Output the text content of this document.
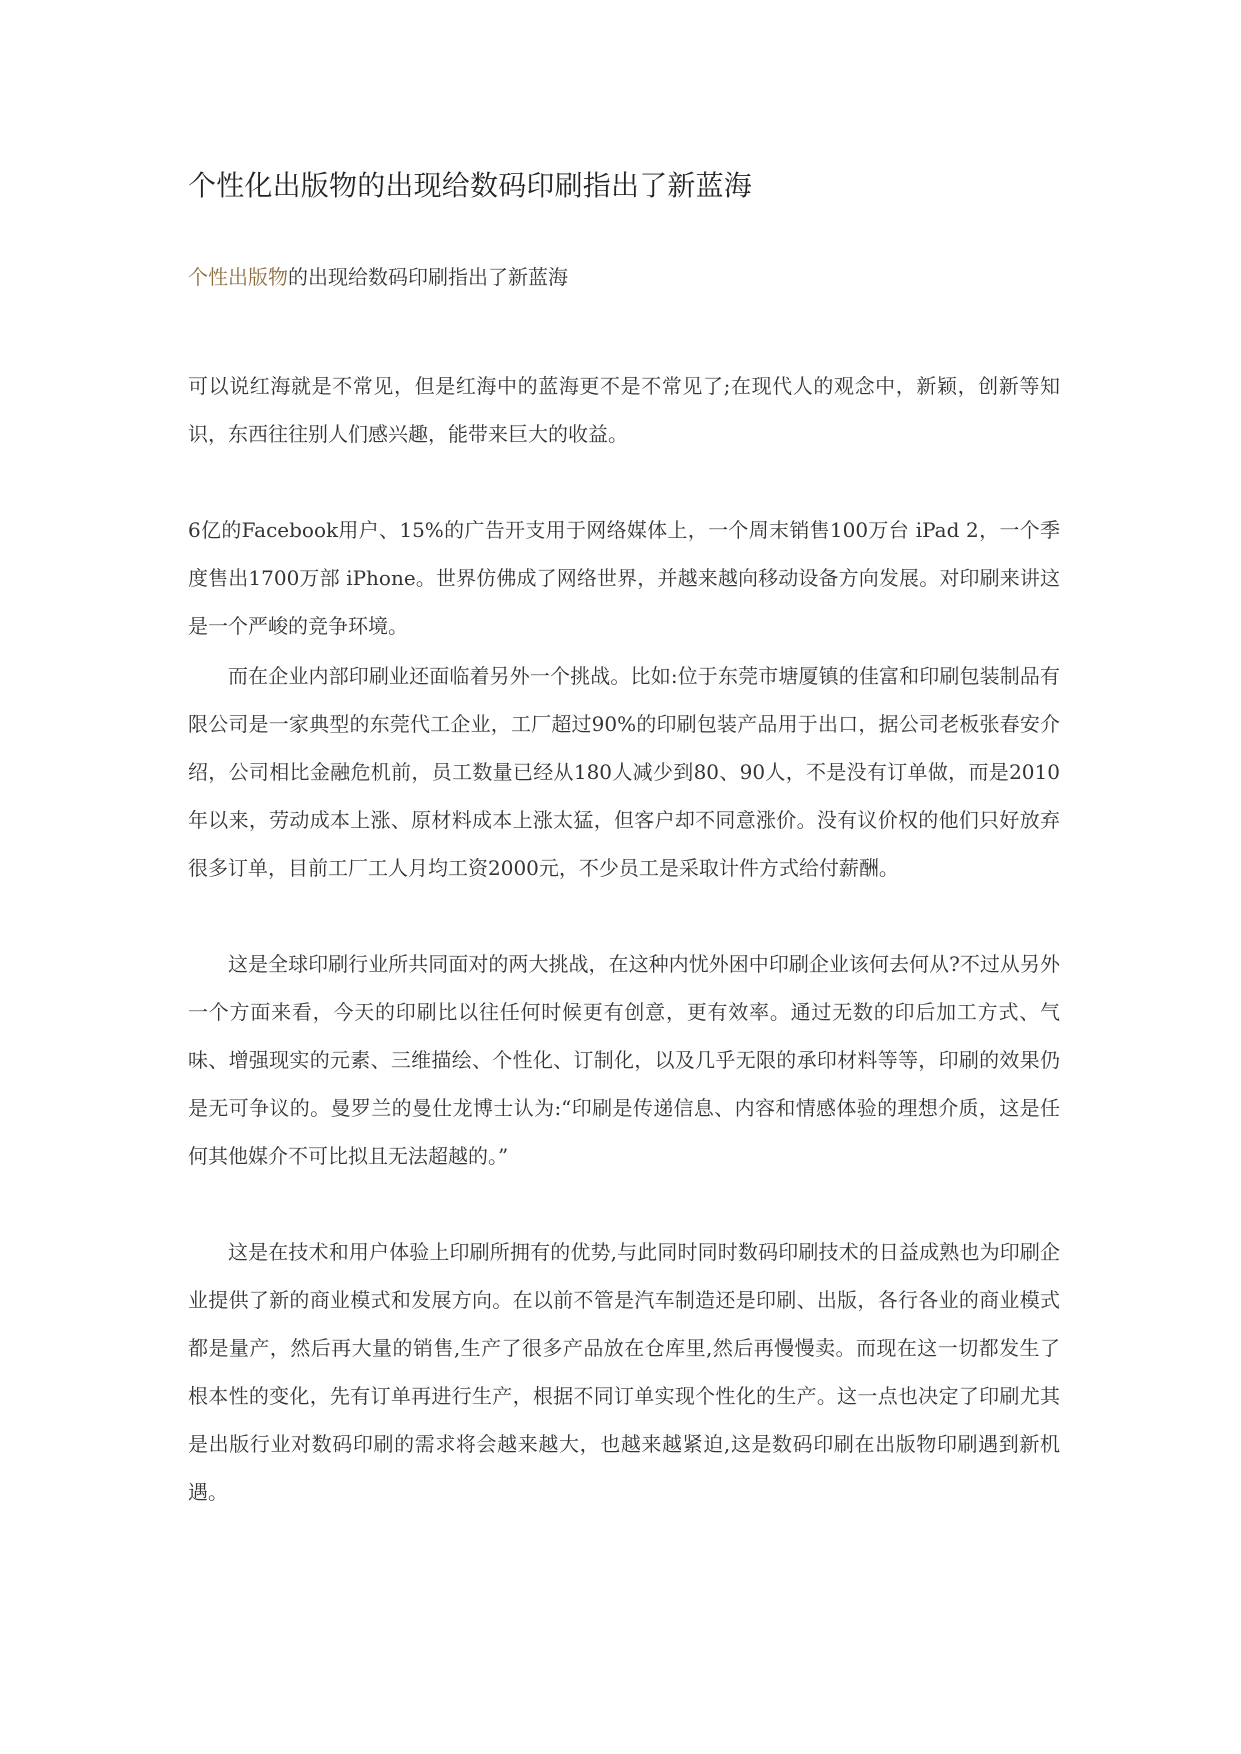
个性化出版物的出现给数码印刷指出了新蓝海
个性出版物的出现给数码印刷指出了新蓝海

可以说红海就是不常见，但是红海中的蓝海更不是不常见了;在现代人的观念中，新颖，创新等知识，东西往往别人们感兴趣，能带来巨大的收益。

6亿的Facebook用户、15%的广告开支用于网络媒体上，一个周末销售100万台 iPad 2，一个季度售出1700万部 iPhone。世界仿佛成了网络世界，并越来越向移动设备方向发展。对印刷来讲这是一个严峻的竞争环境。

而在企业内部印刷业还面临着另外一个挑战。比如:位于东莞市塘厦镇的佳富和印刷包装制品有限公司是一家典型的东莞代工企业，工厂超过90%的印刷包装产品用于出口，据公司老板张春安介绍，公司相比金融危机前，员工数量已经从180人减少到80、90人，不是没有订单做，而是2010年以来，劳动成本上涨、原材料成本上涨太猛，但客户却不同意涨价。没有议价权的他们只好放弃很多订单，目前工厂工人月均工资2000元，不少员工是采取计件方式给付薪酬。

这是全球印刷行业所共同面对的两大挑战，在这种内忧外困中印刷企业该何去何从?不过从另外一个方面来看，今天的印刷比以往任何时候更有创意，更有效率。通过无数的印后加工方式、气味、增强现实的元素、三维描绘、个性化、订制化，以及几乎无限的承印材料等等，印刷的效果仍是无可争议的。曼罗兰的曼仕龙博士认为:“印刷是传递信息、内容和情感体验的理想介质，这是任何其他媒介不可比拟且无法超越的。”

这是在技术和用户体验上印刷所拥有的优势,与此同时同时数码印刷技术的日益成熟也为印刷企业提供了新的商业模式和发展方向。在以前不管是汽车制造还是印刷、出版，各行各业的商业模式都是量产，然后再大量的销售,生产了很多产品放在仓库里,然后再慢慢卖。而现在这一切都发生了根本性的变化，先有订单再进行生产，根据不同订单实现个性化的生产。这一点也决定了印刷尤其是出版行业对数码印刷的需求将会越来越大，也越来越紧迫,这是数码印刷在出版物印刷遇到新机遇。
